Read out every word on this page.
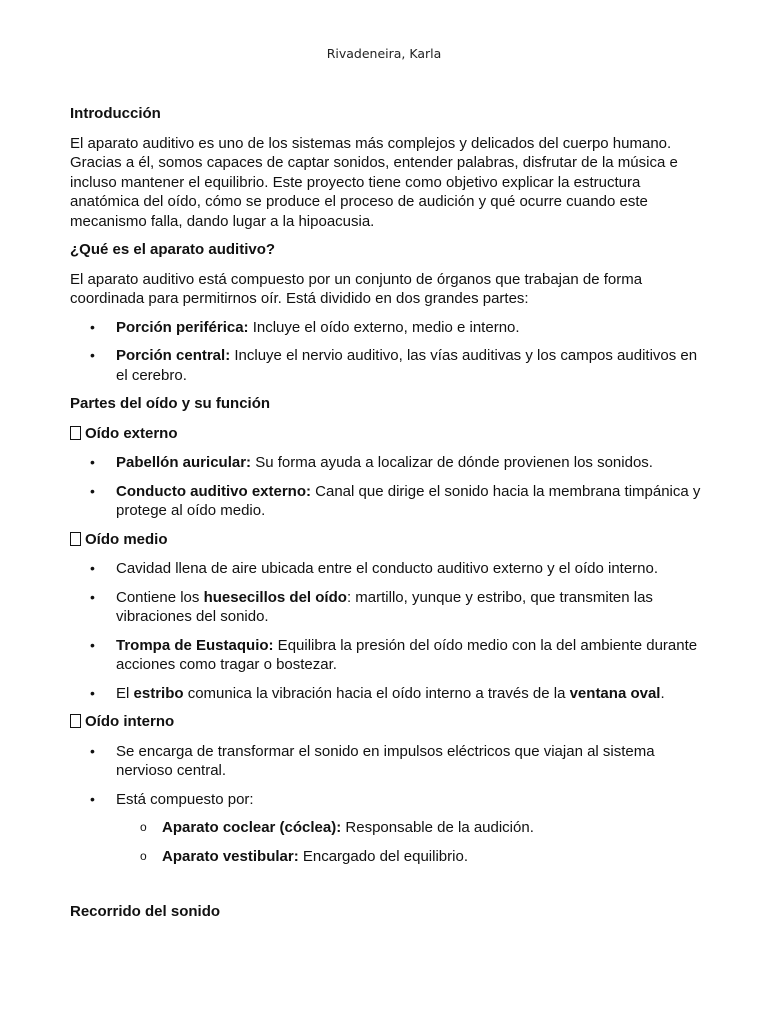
Rivadeneira, Karla
Introducción

El aparato auditivo es uno de los sistemas más complejos y delicados del cuerpo humano. Gracias a él, somos capaces de captar sonidos, entender palabras, disfrutar de la música e incluso mantener el equilibrio. Este proyecto tiene como objetivo explicar la estructura anatómica del oído, cómo se produce el proceso de audición y qué ocurre cuando este mecanismo falla, dando lugar a la hipoacusia.

¿Qué es el aparato auditivo?

El aparato auditivo está compuesto por un conjunto de órganos que trabajan de forma coordinada para permitirnos oír. Está dividido en dos grandes partes:

• Porción periférica: Incluye el oído externo, medio e interno.
• Porción central: Incluye el nervio auditivo, las vías auditivas y los campos auditivos en el cerebro.
Partes del oído y su función
Oído externo
• Pabellón auricular: Su forma ayuda a localizar de dónde provienen los sonidos.
• Conducto auditivo externo: Canal que dirige el sonido hacia la membrana timpánica y protege al oído medio.
Oído medio
• Cavidad llena de aire ubicada entre el conducto auditivo externo y el oído interno.
• Contiene los huesecillos del oído: martillo, yunque y estribo, que transmiten las vibraciones del sonido.
• Trompa de Eustaquio: Equilibra la presión del oído medio con la del ambiente durante acciones como tragar o bostezar.
• El estribo comunica la vibración hacia el oído interno a través de la ventana oval.
Oído interno
• Se encarga de transformar el sonido en impulsos eléctricos que viajan al sistema nervioso central.
• Está compuesto por:
o Aparato coclear (cóclea): Responsable de la audición.
o Aparato vestibular: Encargado del equilibrio.
Recorrido del sonido
